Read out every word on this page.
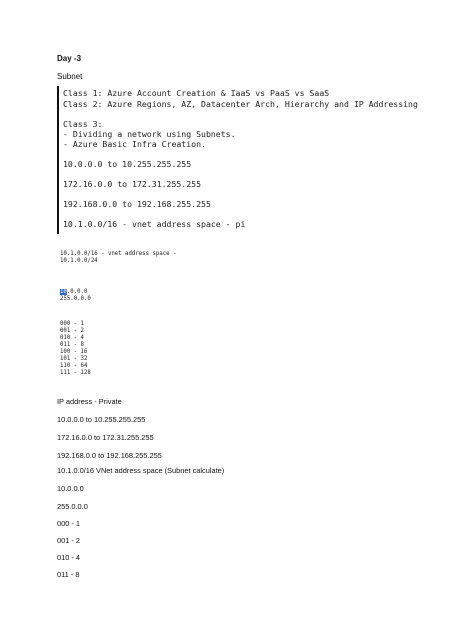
Day -3
Subnet
Class 1: Azure Account Creation & IaaS vs PaaS vs SaaS
Class 2: Azure Regions, AZ, Datacenter Arch, Hierarchy and IP Addressing
Class 3:
- Dividing a network using Subnets.
- Azure Basic Infra Creation.
10.0.0.0 to 10.255.255.255
172.16.0.0 to 172.31.255.255
192.168.0.0 to 192.168.255.255
10.1.0.0/16 - vnet address space - pi
10.1.0.0/16 - vnet address space -
10.1.0.0/24
10.0.0.0
255.0.0.0
000 - 1
001 - 2
010 - 4
011 - 8
100 - 16
101 - 32
110 - 64
111 - 128
IP address - Private
10.0.0.0 to 10.255.255.255
172.16.0.0 to 172.31.255.255
192.168.0.0 to 192.168.255.255
10.1.0.0/16 VNet address space (Subnet calculate)
10.0.0.0
255.0.0.0
000 - 1
001 - 2
010 - 4
011 - 8
